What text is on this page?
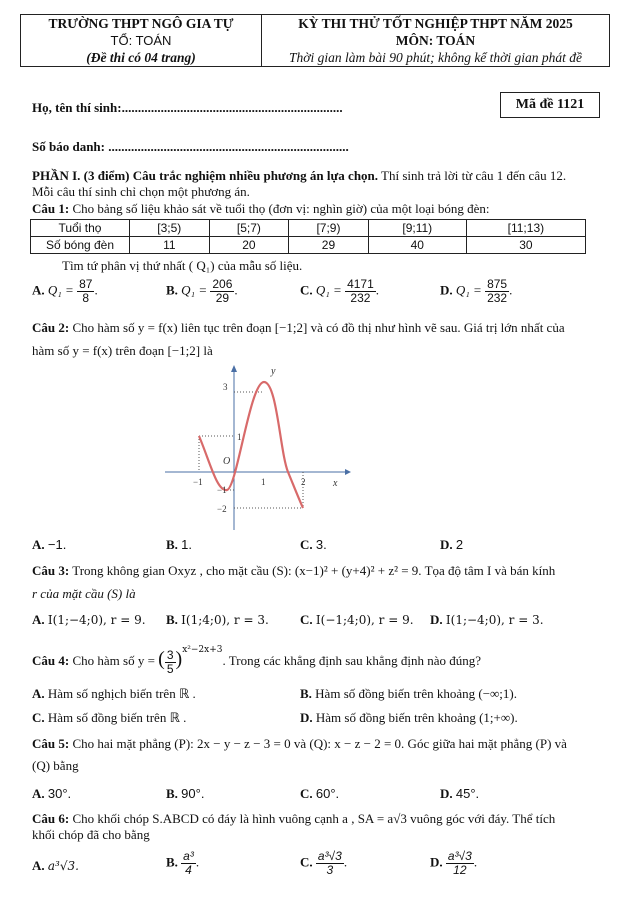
TRƯỜNG THPT NGÔ GIA TỰ
TỔ: TOÁN
(Đề thi có 04 trang)

KỲ THI THỬ TỐT NGHIỆP THPT NĂM 2025
MÔN: TOÁN
Thời gian làm bài 90 phút; không kể thời gian phát đề
Họ, tên thí sinh:....................................................................	Mã đề 1121
Số báo danh: ..........................................................................
PHẦN I. (3 điểm) Câu trắc nghiệm nhiều phương án lựa chọn. Thí sinh trả lời từ câu 1 đến câu 12.
Mỗi câu thí sinh chỉ chọn một phương án.
Câu 1: Cho bảng số liệu khảo sát về tuổi thọ (đơn vị: nghìn giờ) của một loại bóng đèn:
Tuổi thọ	[3;5)	[5;7)	[7;9)	[9;11)	[11;13)
Số bóng đèn	11	20	29	40	30
Tìm tứ phân vị thứ nhất ( Q₁) của mẫu số liệu.
A. $Q_1 = \frac{87}{8}$ .	B. $Q_1 = \frac{206}{29}$ .	C. $Q_1 = \frac{4171}{232}$ .	D. $Q_1 = \frac{875}{232}$ .
Câu 2: Cho hàm số y = f(x) liên tục trên đoạn [−1;2] và có đồ thị như hình vẽ sau. Giá trị lớn nhất của
hàm số y = f(x) trên đoạn [−1;2] là
y
x
O
−1	1	2
3
1
−1
−2
A. −1.	B. 1.	C. 3.	D. 2
Câu 3: Trong không gian Oxyz , cho mặt cầu (S): (x−1)² + (y+4)² + z² = 9. Tọa độ tâm I và bán kính
r của mặt cầu (S) là
A. I(1;−4;0), r = 9. B. I(1;4;0), r = 3. C. I(−1;4;0), r = 9. D. I(1;−4;0), r = 3.
Câu 4: Cho hàm số y = ( $\frac{3}{5} )^{x^2-2x+3}$. Trong các khẳng định sau khẳng định nào đúng?
A. Hàm số nghịch biến trên ℝ .	B. Hàm số đồng biến trên khoảng (−∞;1).
C. Hàm số đồng biến trên ℝ .	D. Hàm số đồng biến trên khoảng (1;+∞).
Câu 5: Cho hai mặt phẳng (P): 2x − y − z − 3 = 0 và (Q): x − z − 2 = 0. Góc giữa hai mặt phẳng (P) và
(Q) bằng
A. 30°.	B. 90°.	C. 60°.	D. 45°.
Câu 6: Cho khối chóp S.ABCD có đáy là hình vuông cạnh a , SA = a√3 vuông góc với đáy. Thể tích
khối chóp đã cho bằng
A. a³√3.	B. $\frac{\text{a³}}{4}$ .	C. $\frac{\text{a³√3}}{3}$ .	D. $\frac{\text{a³√3}}{12}$ .
